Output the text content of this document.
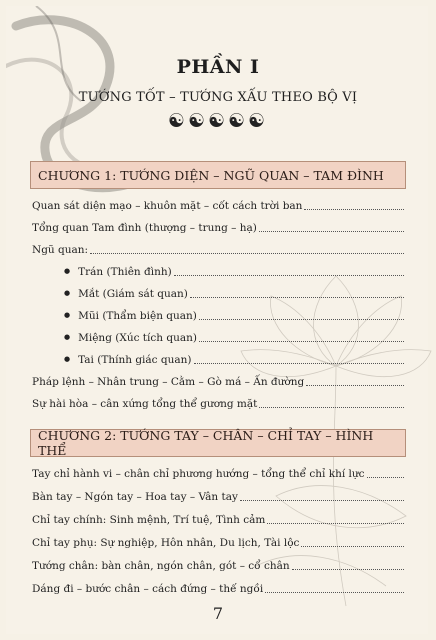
PHẦN I
TƯỚNG TỐT – TƯỚNG XẤU THEO BỘ VỊ
☯☯☯☯☯
CHƯƠNG 1: TƯỚNG DIỆN – NGŨ QUAN – TAM ĐÌNH
Quan sát diện mạo – khuôn mặt – cốt cách trời ban
Tổng quan Tam đình (thượng – trung – hạ)
Ngũ quan:
● Trán (Thiên đình)
● Mắt (Giám sát quan)
● Mũi (Thẩm biện quan)
● Miệng (Xúc tích quan)
● Tai (Thính giác quan)
Pháp lệnh – Nhân trung – Cằm – Gò má – Ấn đường
Sự hài hòa – cân xứng tổng thể gương mặt
CHƯƠNG 2: TƯỚNG TAY – CHÂN – CHỈ TAY – HÌNH THỂ
Tay chỉ hành vi – chân chỉ phương hướng – tổng thể chỉ khí lực
Bàn tay – Ngón tay – Hoa tay – Vân tay
Chỉ tay chính: Sinh mệnh, Trí tuệ, Tình cảm
Chỉ tay phụ: Sự nghiệp, Hôn nhân, Du lịch, Tài lộc
Tướng chân: bàn chân, ngón chân, gót – cổ chân
Dáng đi – bước chân – cách đứng – thế ngồi
7
